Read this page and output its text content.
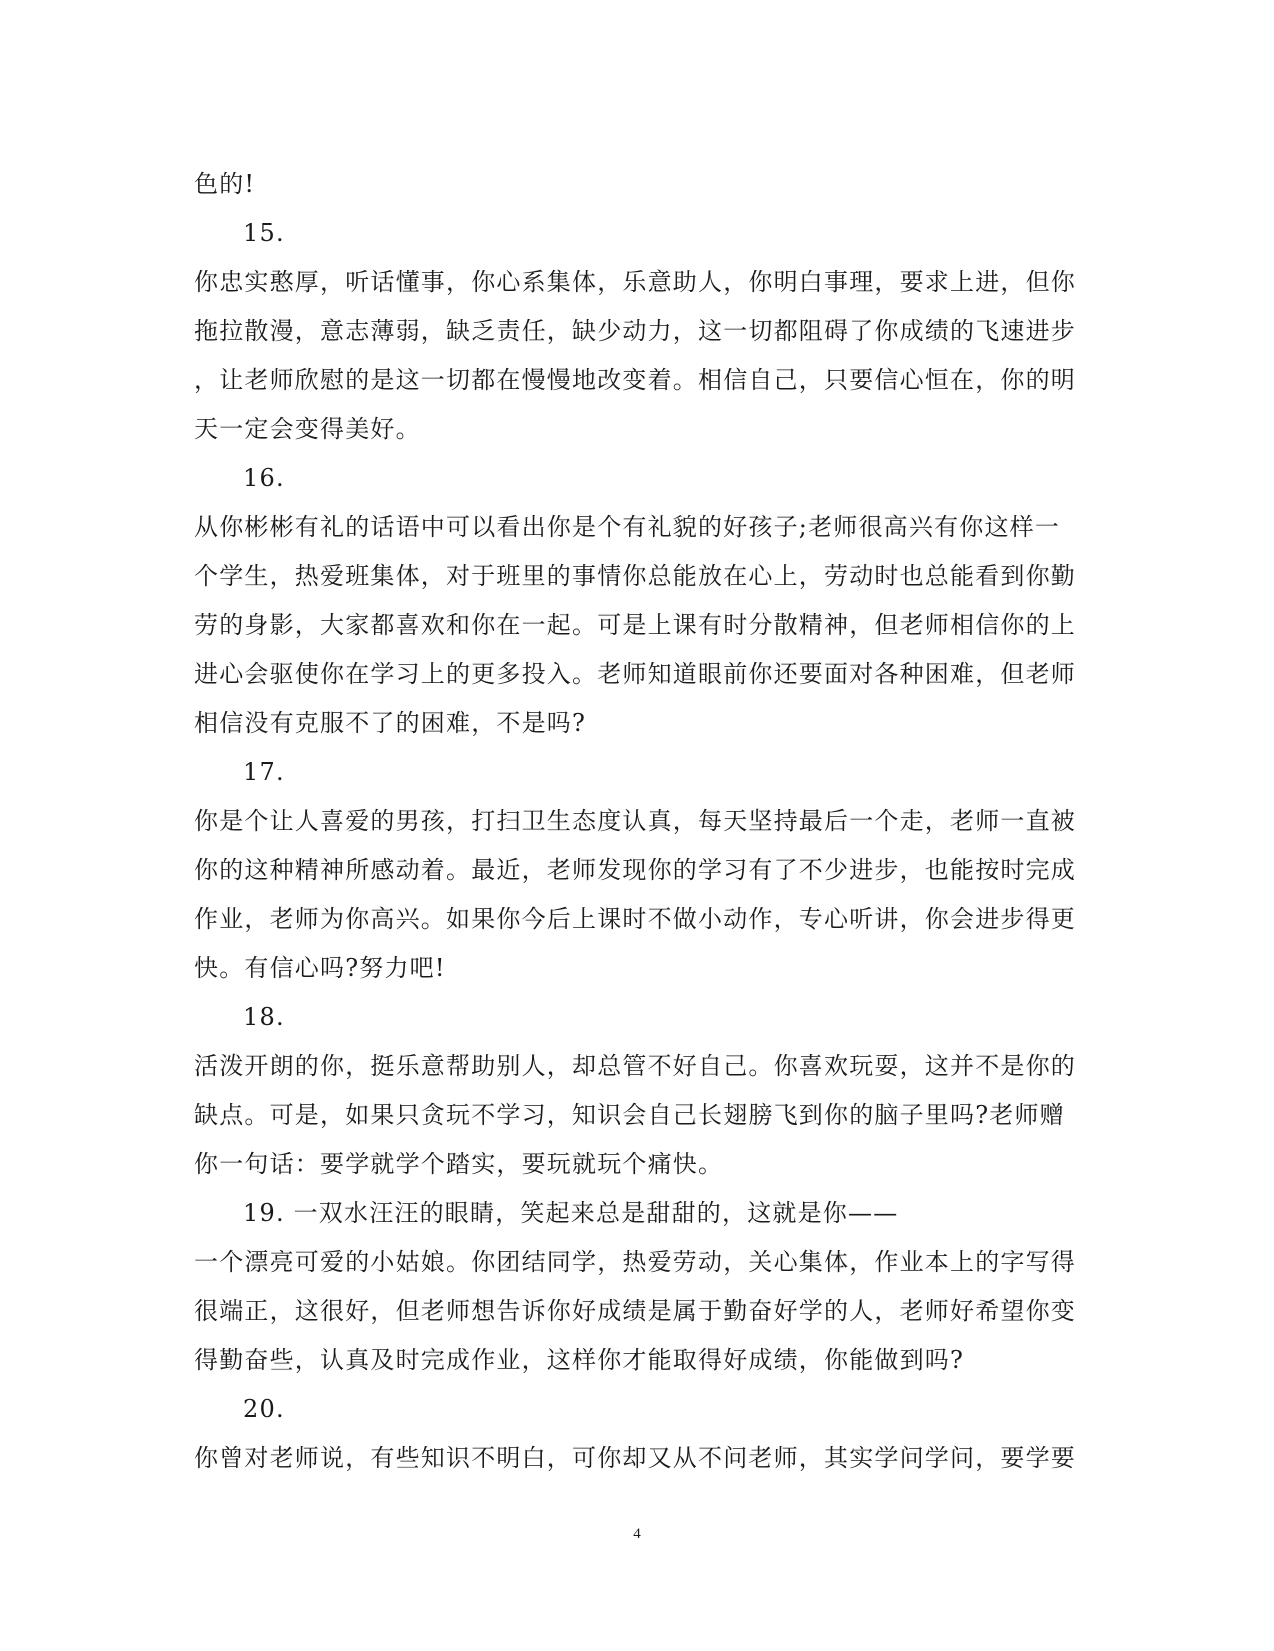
色的!
15.
你忠实憨厚，听话懂事，你心系集体，乐意助人，你明白事理，要求上进，但你
拖拉散漫，意志薄弱，缺乏责任，缺少动力，这一切都阻碍了你成绩的飞速进步
，让老师欣慰的是这一切都在慢慢地改变着。相信自己，只要信心恒在，你的明
天一定会变得美好。
16.
从你彬彬有礼的话语中可以看出你是个有礼貌的好孩子;老师很高兴有你这样一
个学生，热爱班集体，对于班里的事情你总能放在心上，劳动时也总能看到你勤
劳的身影，大家都喜欢和你在一起。可是上课有时分散精神，但老师相信你的上
进心会驱使你在学习上的更多投入。老师知道眼前你还要面对各种困难，但老师
相信没有克服不了的困难，不是吗?
17.
你是个让人喜爱的男孩，打扫卫生态度认真，每天坚持最后一个走，老师一直被
你的这种精神所感动着。最近，老师发现你的学习有了不少进步，也能按时完成
作业，老师为你高兴。如果你今后上课时不做小动作，专心听讲，你会进步得更
快。有信心吗?努力吧!
18.
活泼开朗的你，挺乐意帮助别人，却总管不好自己。你喜欢玩耍，这并不是你的
缺点。可是，如果只贪玩不学习，知识会自己长翅膀飞到你的脑子里吗?老师赠
你一句话：要学就学个踏实，要玩就玩个痛快。
19. 一双水汪汪的眼睛，笑起来总是甜甜的，这就是你——
一个漂亮可爱的小姑娘。你团结同学，热爱劳动，关心集体，作业本上的字写得
很端正，这很好，但老师想告诉你好成绩是属于勤奋好学的人，老师好希望你变
得勤奋些，认真及时完成作业，这样你才能取得好成绩，你能做到吗?
20.
你曾对老师说，有些知识不明白，可你却又从不问老师，其实学问学问，要学要
4
